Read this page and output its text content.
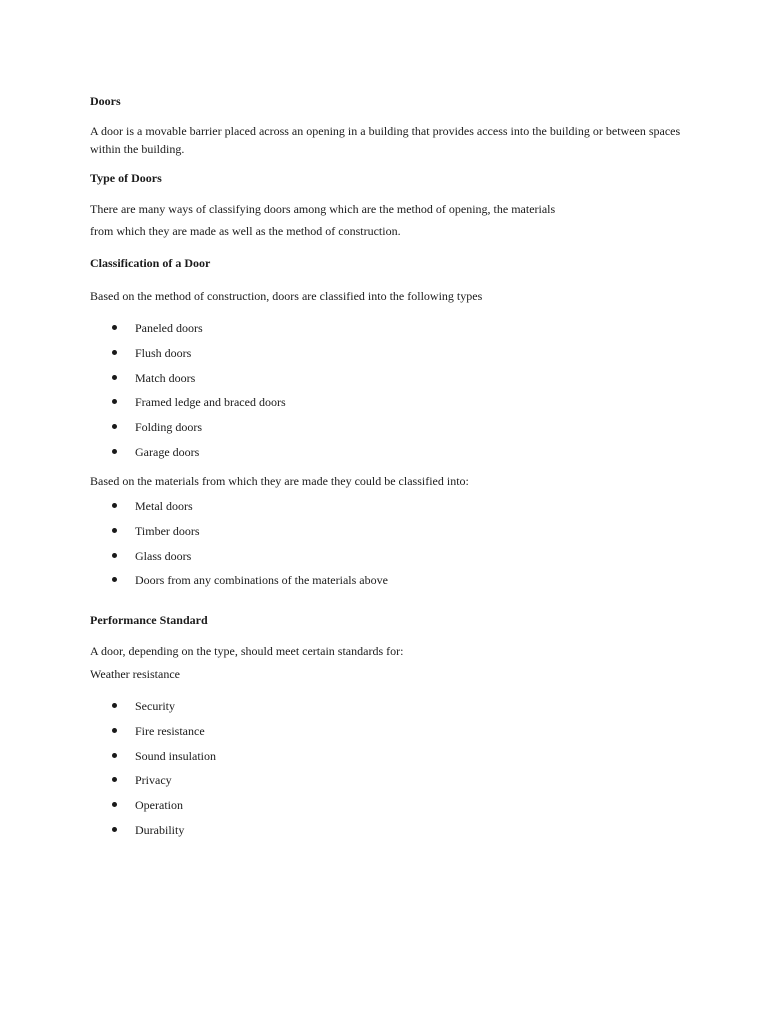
Doors

A door is a movable barrier placed across an opening in a building that provides access into the building or between spaces within the building.

Type of Doors

There are many ways of classifying doors among which are the method of opening, the materials

from which they are made as well as the method of construction.

Classification of a Door

Based on the method of construction, doors are classified into the following types

Paneled doors
Flush doors
Match doors
Framed ledge and braced doors
Folding doors
Garage doors

Based on the materials from which they are made they could be classified into:

Metal doors
Timber doors
Glass doors
Doors from any combinations of the materials above

Performance Standard

A door, depending on the type, should meet certain standards for:

Weather resistance

Security
Fire resistance
Sound insulation
Privacy
Operation
Durability
